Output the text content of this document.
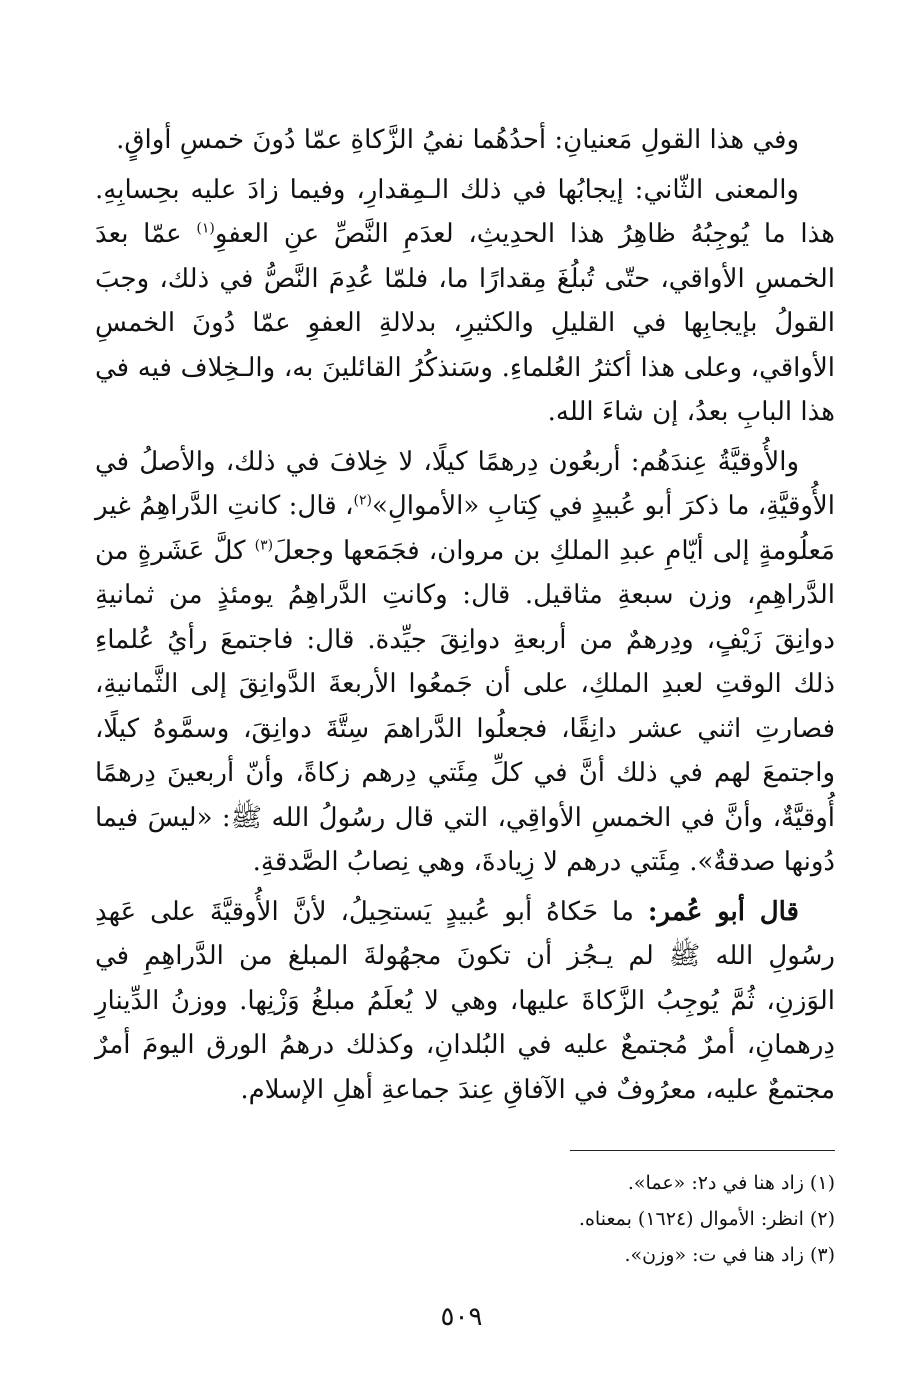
وفي هذا القولِ مَعنيانِ: أحدُهُما نفيُ الزَّكاةِ عمّا دُونَ خمسِ أواقٍ.

والمعنى الثّاني: إيجابُها في ذلك الـمِقدارِ، وفيما زادَ عليه بحِسابِهِ. هذا ما يُوجِبُهُ ظاهِرُ هذا الحدِيثِ، لعدَمِ النَّصِّ عنِ العفوِ$^{(١)}$ عمّا بعدَ الخمسِ الأواقي، حتّى تُبلُغَ مِقدارًا ما، فلمّا عُدِمَ النَّصُّ في ذلك، وجبَ القولُ بإيجابِها في القليلِ والكثيرِ، بدلالةِ العفوِ عمّا دُونَ الخمسِ الأواقي، وعلى هذا أكثرُ العُلماءِ. وسَنذكُرُ القائلينَ به، والـخِلاف فيه في هذا البابِ بعدُ، إن شاءَ الله.

والأُوقيَّةُ عِندَهُم: أربعُون دِرهمًا كيلًا، لا خِلافَ في ذلك، والأصلُ في الأُوقيَّةِ، ما ذكرَ أبو عُبيدٍ في كِتابِ «الأموالِ»$^{(٢)}$، قال: كانتِ الدَّراهِمُ غير مَعلُومةٍ إلى أيّامِ عبدِ الملكِ بن مروان، فجَمَعها وجعلَ$^{(٣)}$ كلَّ عَشَرةٍ من الدَّراهِمِ، وزن سبعةِ مثاقيل. قال: وكانتِ الدَّراهِمُ يومئذٍ من ثمانيةِ دوانِقَ زَيْفٍ، ودِرهمٌ من أربعةِ دوانِقَ جيِّدة. قال: فاجتمعَ رأيُ عُلماءِ ذلك الوقتِ لعبدِ الملكِ، على أن جَمعُوا الأربعةَ الدَّوانِقَ إلى الثَّمانيةِ، فصارتِ اثني عشر دانِقًا، فجعلُوا الدَّراهمَ سِتَّةَ دوانِقَ، وسمَّوهُ كيلًا، واجتمعَ لهم في ذلك أنَّ في كلِّ مِئَتي دِرهم زكاةً، وأنّ أربعينَ دِرهمًا أُوقيَّةٌ، وأنَّ في الخمسِ الأواقِي، التي قال رسُولُ الله ﷺ: «ليسَ فيما دُونها صدقةٌ». مِئَتي درهم لا زِيادةَ، وهي نِصابُ الصَّدقةِ.

قال أبو عُمر: ما حَكاهُ أبو عُبيدٍ يَستحِيلُ، لأنَّ الأُوقيَّةَ على عَهدِ رسُولِ الله ﷺ لم يـجُز أن تكونَ مجهُولةَ المبلغ من الدَّراهِمِ في الوَزنِ، ثُمَّ يُوجِبُ الزَّكاةَ عليها، وهي لا يُعلَمُ مبلغُ وَزْنِها. ووزنُ الدِّينارِ دِرهمانِ، أمرٌ مُجتمعٌ عليه في البُلدانِ، وكذلك درهمُ الورق اليومَ أمرٌ مجتمعٌ عليه، معرُوفٌ في الآفاقِ عِندَ جماعةِ أهلِ الإسلام.

(١) زاد هنا في د٢: «عما».

(٢) انظر: الأموال (١٦٢٤) بمعناه.

(٣) زاد هنا في ت: «وزن».

٥٠٩
